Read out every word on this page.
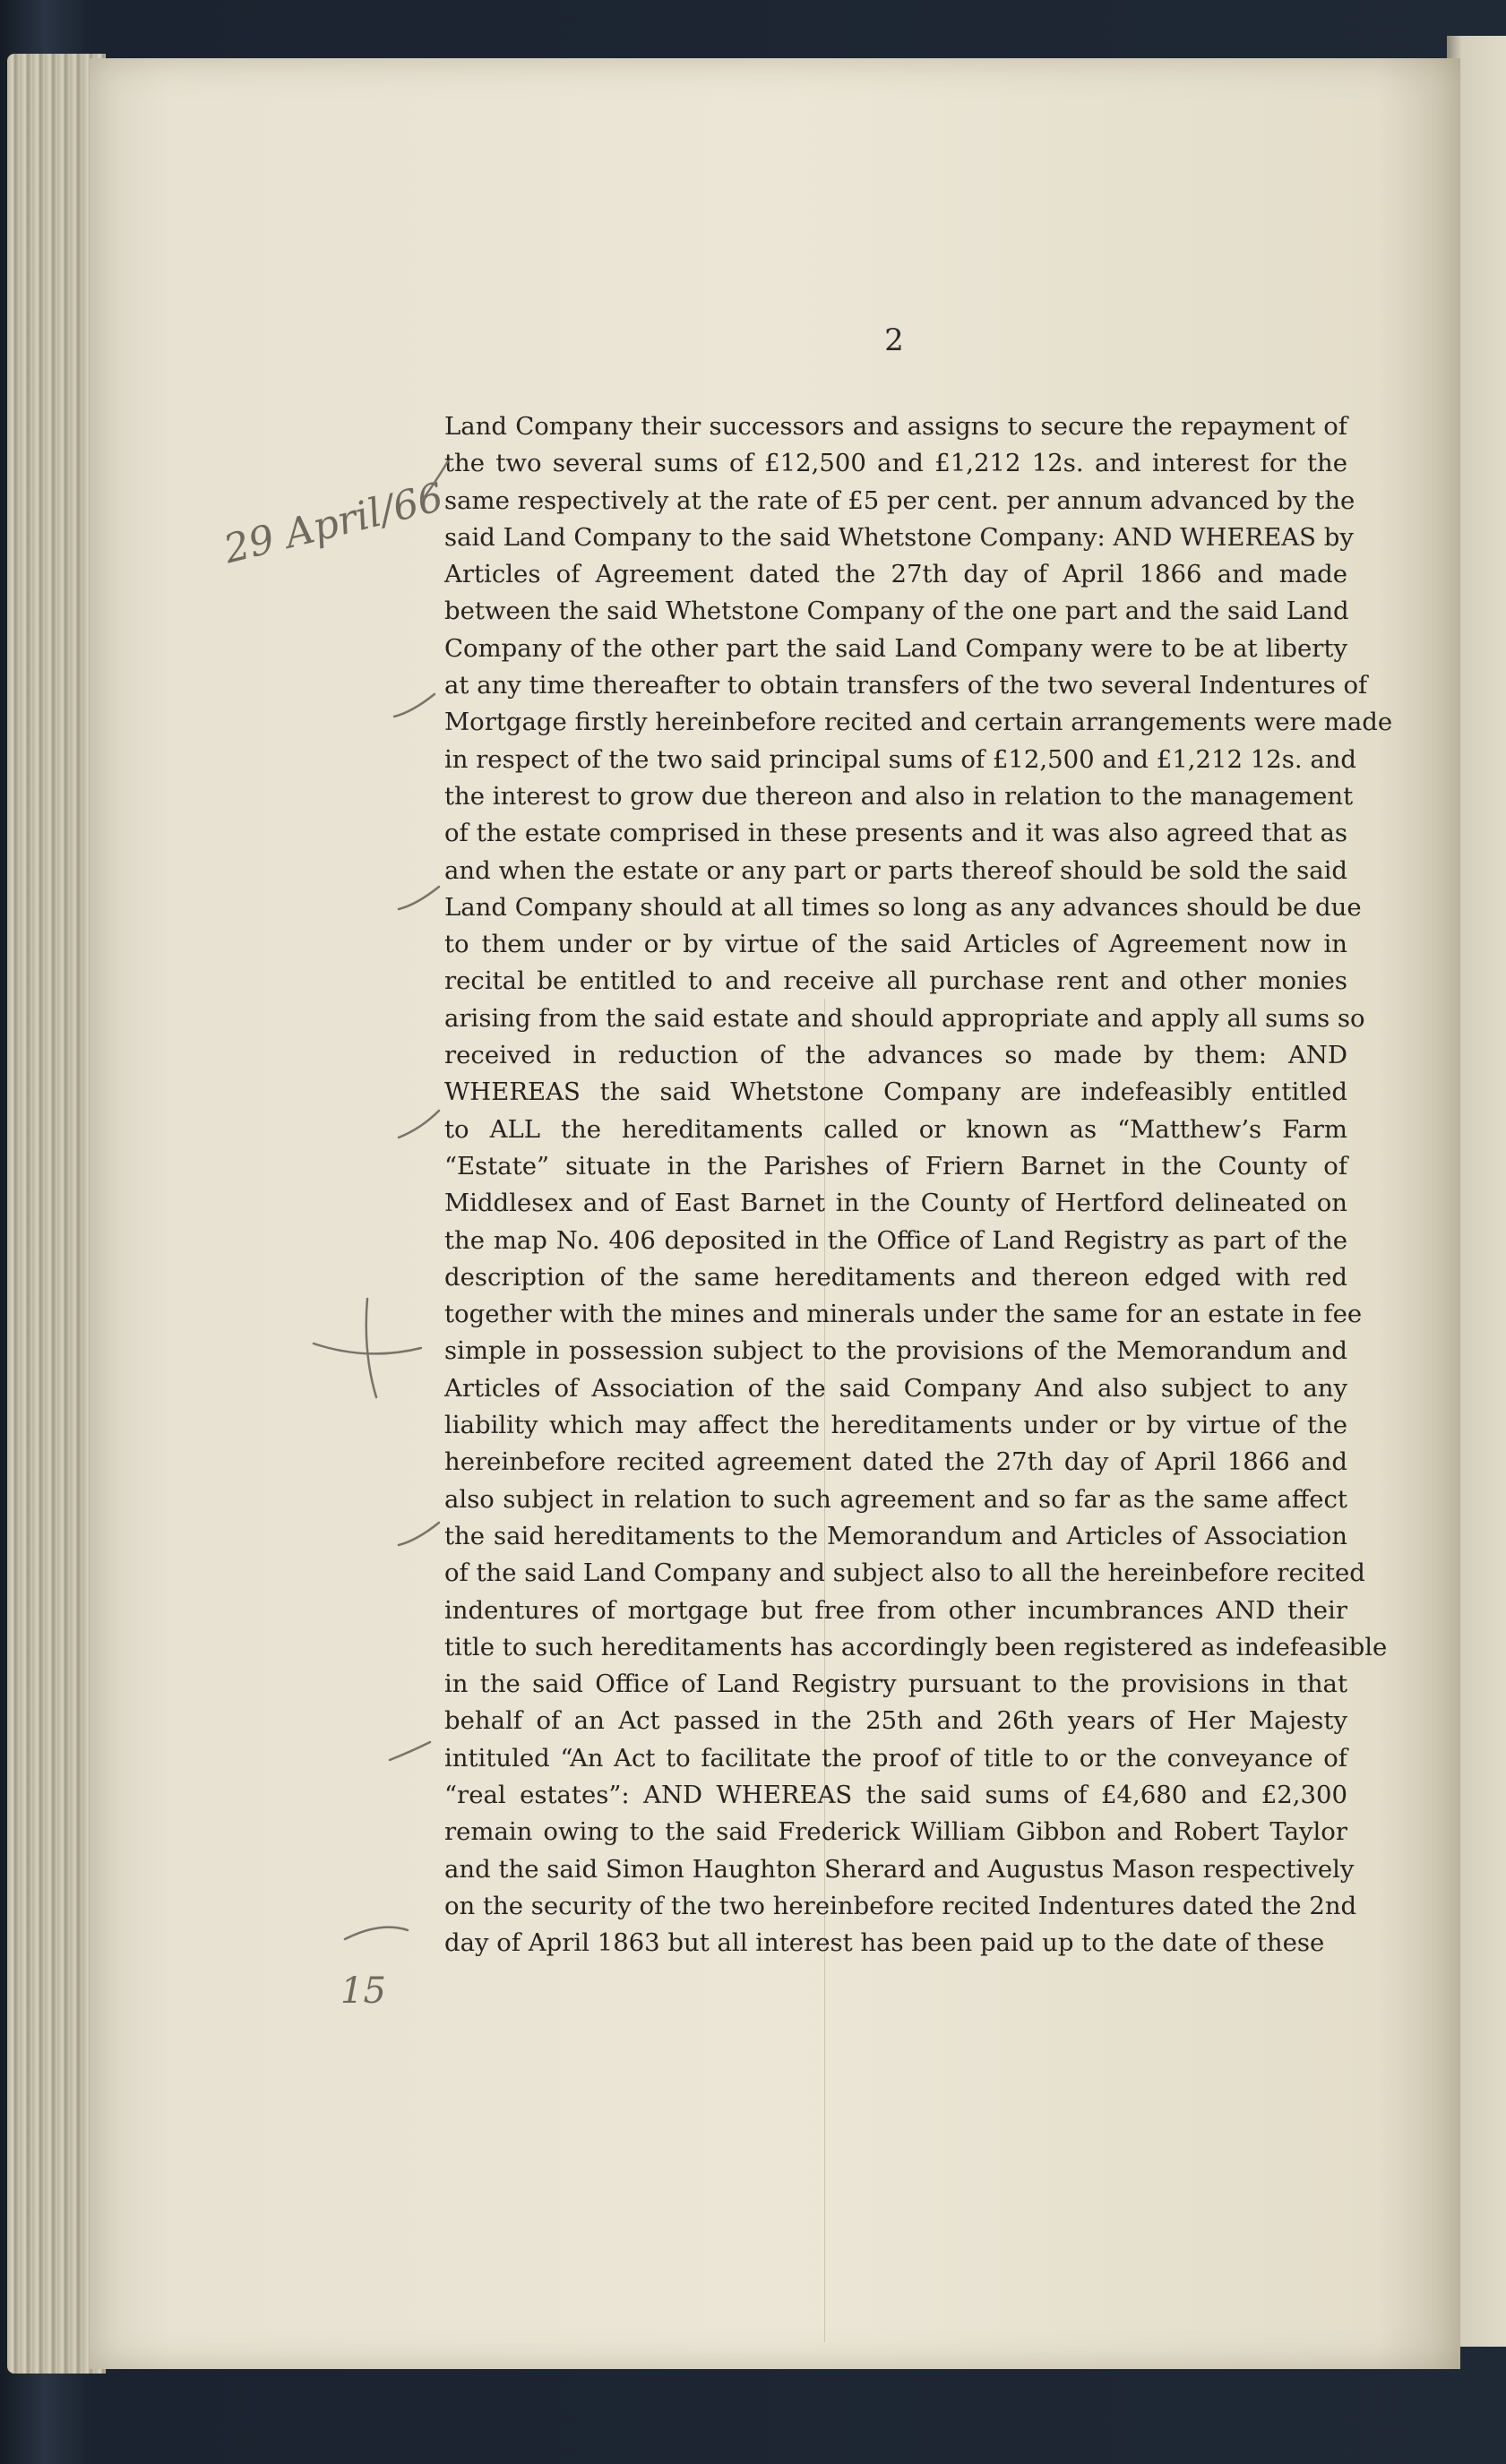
2
Land Company their successors and assigns to secure the repayment of
the two several sums of £12,500 and £1,212 12s. and interest for the
same respectively at the rate of £5 per cent. per annum advanced by the
said Land Company to the said Whetstone Company: AND WHEREAS by
Articles of Agreement dated the 27th day of April 1866 and made
between the said Whetstone Company of the one part and the said Land
Company of the other part the said Land Company were to be at liberty
at any time thereafter to obtain transfers of the two several Indentures of
Mortgage firstly hereinbefore recited and certain arrangements were made
in respect of the two said principal sums of £12,500 and £1,212 12s. and
the interest to grow due thereon and also in relation to the management
of the estate comprised in these presents and it was also agreed that as
and when the estate or any part or parts thereof should be sold the said
Land Company should at all times so long as any advances should be due
to them under or by virtue of the said Articles of Agreement now in
recital be entitled to and receive all purchase rent and other monies
arising from the said estate and should appropriate and apply all sums so
received in reduction of the advances so made by them: AND
WHEREAS the said Whetstone Company are indefeasibly entitled
to ALL the hereditaments called or known as “Matthew’s Farm
“Estate” situate in the Parishes of Friern Barnet in the County of
Middlesex and of East Barnet in the County of Hertford delineated on
the map No. 406 deposited in the Office of Land Registry as part of the
description of the same hereditaments and thereon edged with red
together with the mines and minerals under the same for an estate in fee
simple in possession subject to the provisions of the Memorandum and
Articles of Association of the said Company And also subject to any
liability which may affect the hereditaments under or by virtue of the
hereinbefore recited agreement dated the 27th day of April 1866 and
also subject in relation to such agreement and so far as the same affect
the said hereditaments to the Memorandum and Articles of Association
of the said Land Company and subject also to all the hereinbefore recited
indentures of mortgage but free from other incumbrances AND their
title to such hereditaments has accordingly been registered as indefeasible
in the said Office of Land Registry pursuant to the provisions in that
behalf of an Act passed in the 25th and 26th years of Her Majesty
intituled “An Act to facilitate the proof of title to or the conveyance of
“real estates”: AND WHEREAS the said sums of £4,680 and £2,300
remain owing to the said Frederick William Gibbon and Robert Taylor
and the said Simon Haughton Sherard and Augustus Mason respectively
on the security of the two hereinbefore recited Indentures dated the 2nd
day of April 1863 but all interest has been paid up to the date of these
29 April/66
15
